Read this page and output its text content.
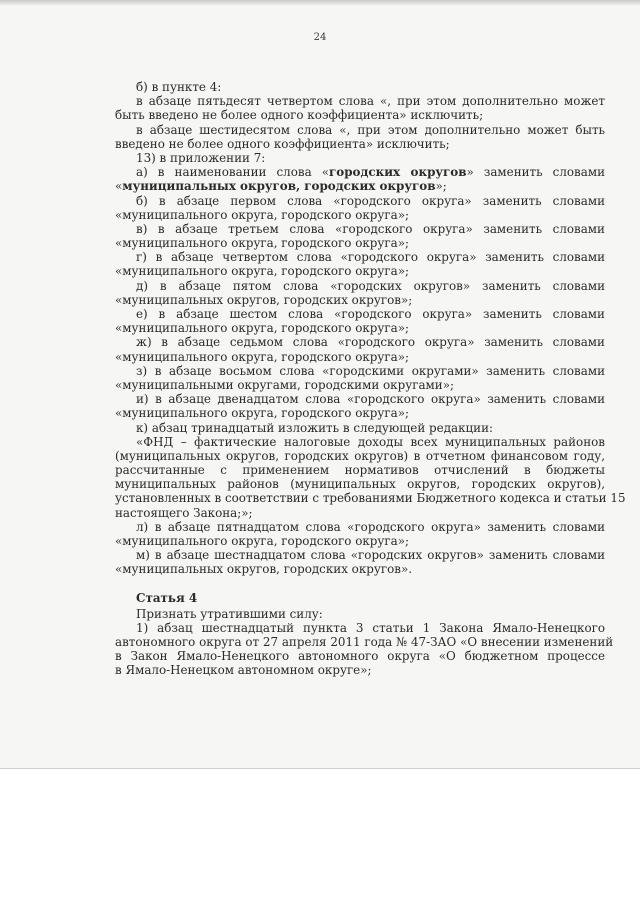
24
б) в пункте 4:
в абзаце пятьдесят четвертом слова «, при этом дополнительно может
быть введено не более одного коэффициента» исключить;
в абзаце шестидесятом слова «, при этом дополнительно может быть
введено не более одного коэффициента» исключить;
13) в приложении 7:
а) в наименовании слова «городских округов» заменить словами
«муниципальных округов, городских округов»;
б) в абзаце первом слова «городского округа» заменить словами
«муниципального округа, городского округа»;
в) в абзаце третьем слова «городского округа» заменить словами
«муниципального округа, городского округа»;
г) в абзаце четвертом слова «городского округа» заменить словами
«муниципального округа, городского округа»;
д) в абзаце пятом слова «городских округов» заменить словами
«муниципальных округов, городских округов»;
е) в абзаце шестом слова «городского округа» заменить словами
«муниципального округа, городского округа»;
ж) в абзаце седьмом слова «городского округа» заменить словами
«муниципального округа, городского округа»;
з) в абзаце восьмом слова «городскими округами» заменить словами
«муниципальными округами, городскими округами»;
и) в абзаце двенадцатом слова «городского округа» заменить словами
«муниципального округа, городского округа»;
к) абзац тринадцатый изложить в следующей редакции:
«ФНД – фактические налоговые доходы всех муниципальных районов
(муниципальных округов, городских округов) в отчетном финансовом году,
рассчитанные с применением нормативов отчислений в бюджеты
муниципальных районов (муниципальных округов, городских округов),
установленных в соответствии с требованиями Бюджетного кодекса и статьи 15
настоящего Закона;»;
л) в абзаце пятнадцатом слова «городского округа» заменить словами
«муниципального округа, городского округа»;
м) в абзаце шестнадцатом слова «городских округов» заменить словами
«муниципальных округов, городских округов».
Статья 4
Признать утратившими силу:
1) абзац шестнадцатый пункта 3 статьи 1 Закона Ямало-Ненецкого
автономного округа от 27 апреля 2011 года № 47-ЗАО «О внесении изменений
в Закон Ямало-Ненецкого автономного округа «О бюджетном процессе
в Ямало-Ненецком автономном округе»;
